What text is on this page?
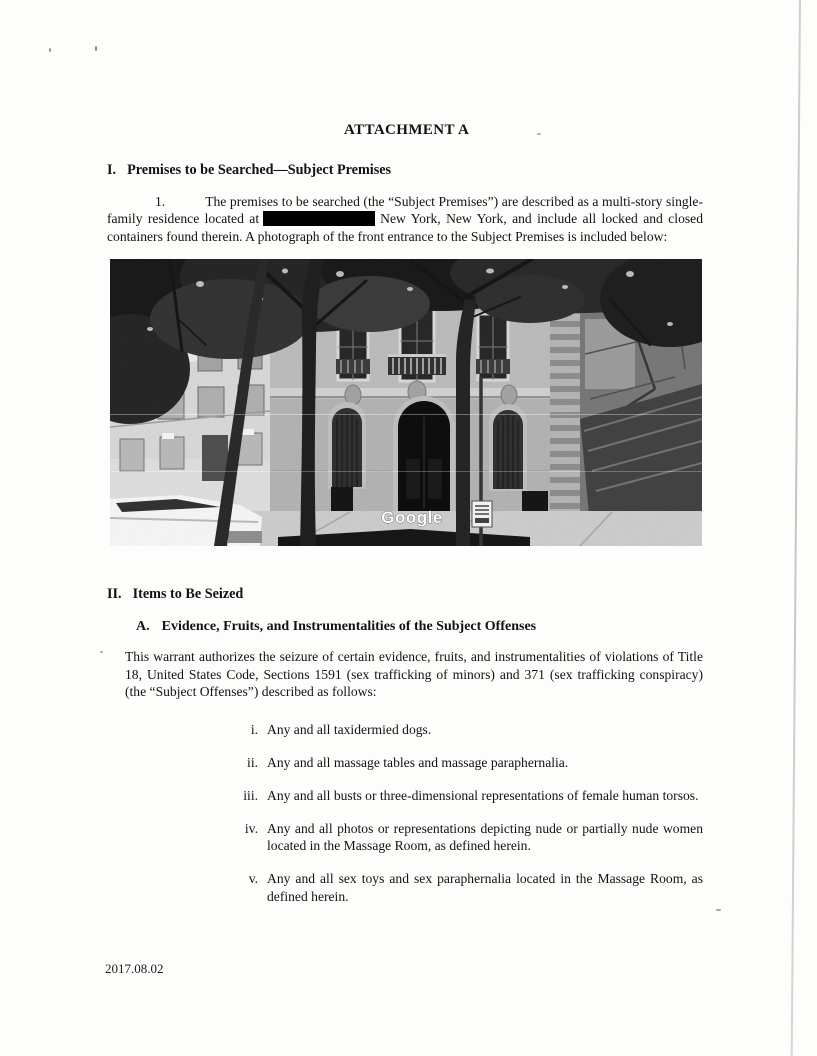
ATTACHMENT A
I. Premises to be Searched—Subject Premises
1.	The premises to be searched (the “Subject Premises”) are described as a multi-story single-family residence located at	New York, New York, and include all locked and closed containers found therein. A photograph of the front entrance to the Subject Premises is included below:
Google
II. Items to Be Seized
A. Evidence, Fruits, and Instrumentalities of the Subject Offenses
This warrant authorizes the seizure of certain evidence, fruits, and instrumentalities of violations of Title 18, United States Code, Sections 1591 (sex trafficking of minors) and 371 (sex trafficking conspiracy) (the “Subject Offenses”) described as follows:
i. Any and all taxidermied dogs.
ii. Any and all massage tables and massage paraphernalia.
iii. Any and all busts or three-dimensional representations of female human torsos.
iv. Any and all photos or representations depicting nude or partially nude women located in the Massage Room, as defined herein.
v. Any and all sex toys and sex paraphernalia located in the Massage Room, as defined herein.
2017.08.02
